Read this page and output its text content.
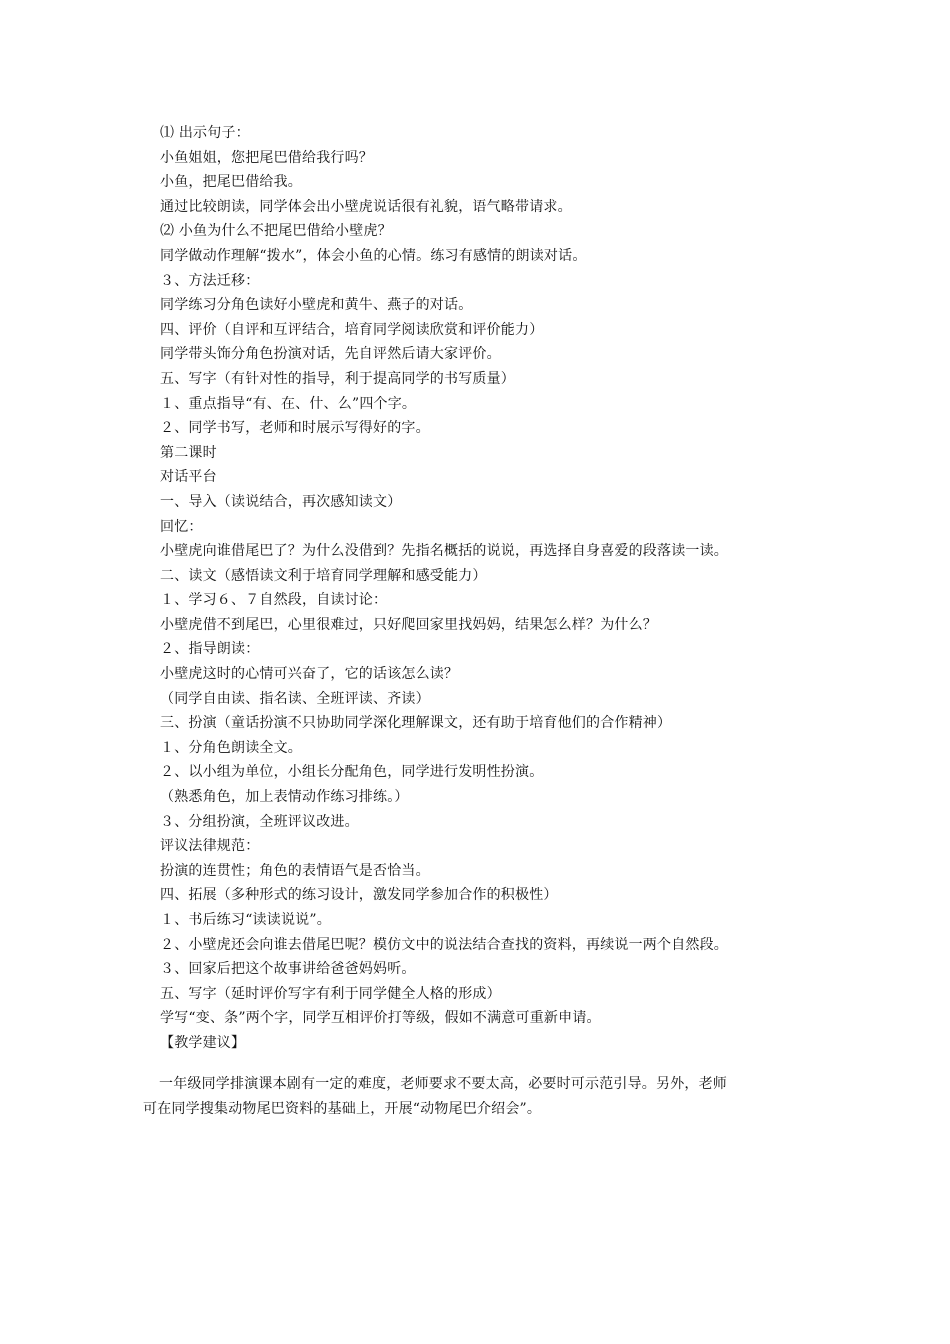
⑴ 出示句子：
小鱼姐姐，您把尾巴借给我行吗？
小鱼，把尾巴借给我。
通过比较朗读，同学体会出小壁虎说话很有礼貌，语气略带请求。
⑵ 小鱼为什么不把尾巴借给小壁虎？
同学做动作理解“拨水”，体会小鱼的心情。练习有感情的朗读对话。
３、方法迁移：
同学练习分角色读好小壁虎和黄牛、燕子的对话。
四、评价（自评和互评结合，培育同学阅读欣赏和评价能力）
同学带头饰分角色扮演对话，先自评然后请大家评价。
五、写字（有针对性的指导，利于提高同学的书写质量）
１、重点指导“有、在、什、么”四个字。
２、同学书写，老师和时展示写得好的字。
第二课时
对话平台
一、导入（读说结合，再次感知读文）
回忆：
小壁虎向谁借尾巴了？为什么没借到？先指名概括的说说，再选择自身喜爱的段落读一读。
二、读文（感悟读文利于培育同学理解和感受能力）
１、学习６、７自然段，自读讨论：
小壁虎借不到尾巴，心里很难过，只好爬回家里找妈妈，结果怎么样？为什么？
２、指导朗读：
小壁虎这时的心情可兴奋了，它的话该怎么读？
（同学自由读、指名读、全班评读、齐读）
三、扮演（童话扮演不只协助同学深化理解课文，还有助于培育他们的合作精神）
１、分角色朗读全文。
２、以小组为单位，小组长分配角色，同学进行发明性扮演。
（熟悉角色，加上表情动作练习排练。）
３、分组扮演，全班评议改进。
评议法律规范：
扮演的连贯性；角色的表情语气是否恰当。
四、拓展（多种形式的练习设计，激发同学参加合作的积极性）
１、书后练习“读读说说”。
２、小壁虎还会向谁去借尾巴呢？模仿文中的说法结合查找的资料，再续说一两个自然段。
３、回家后把这个故事讲给爸爸妈妈听。
五、写字（延时评价写字有利于同学健全人格的形成）
学写“变、条”两个字，同学互相评价打等级，假如不满意可重新申请。
【教学建议】
一年级同学排演课本剧有一定的难度，老师要求不要太高，必要时可示范引导。另外，老师
可在同学搜集动物尾巴资料的基础上，开展“动物尾巴介绍会”。
